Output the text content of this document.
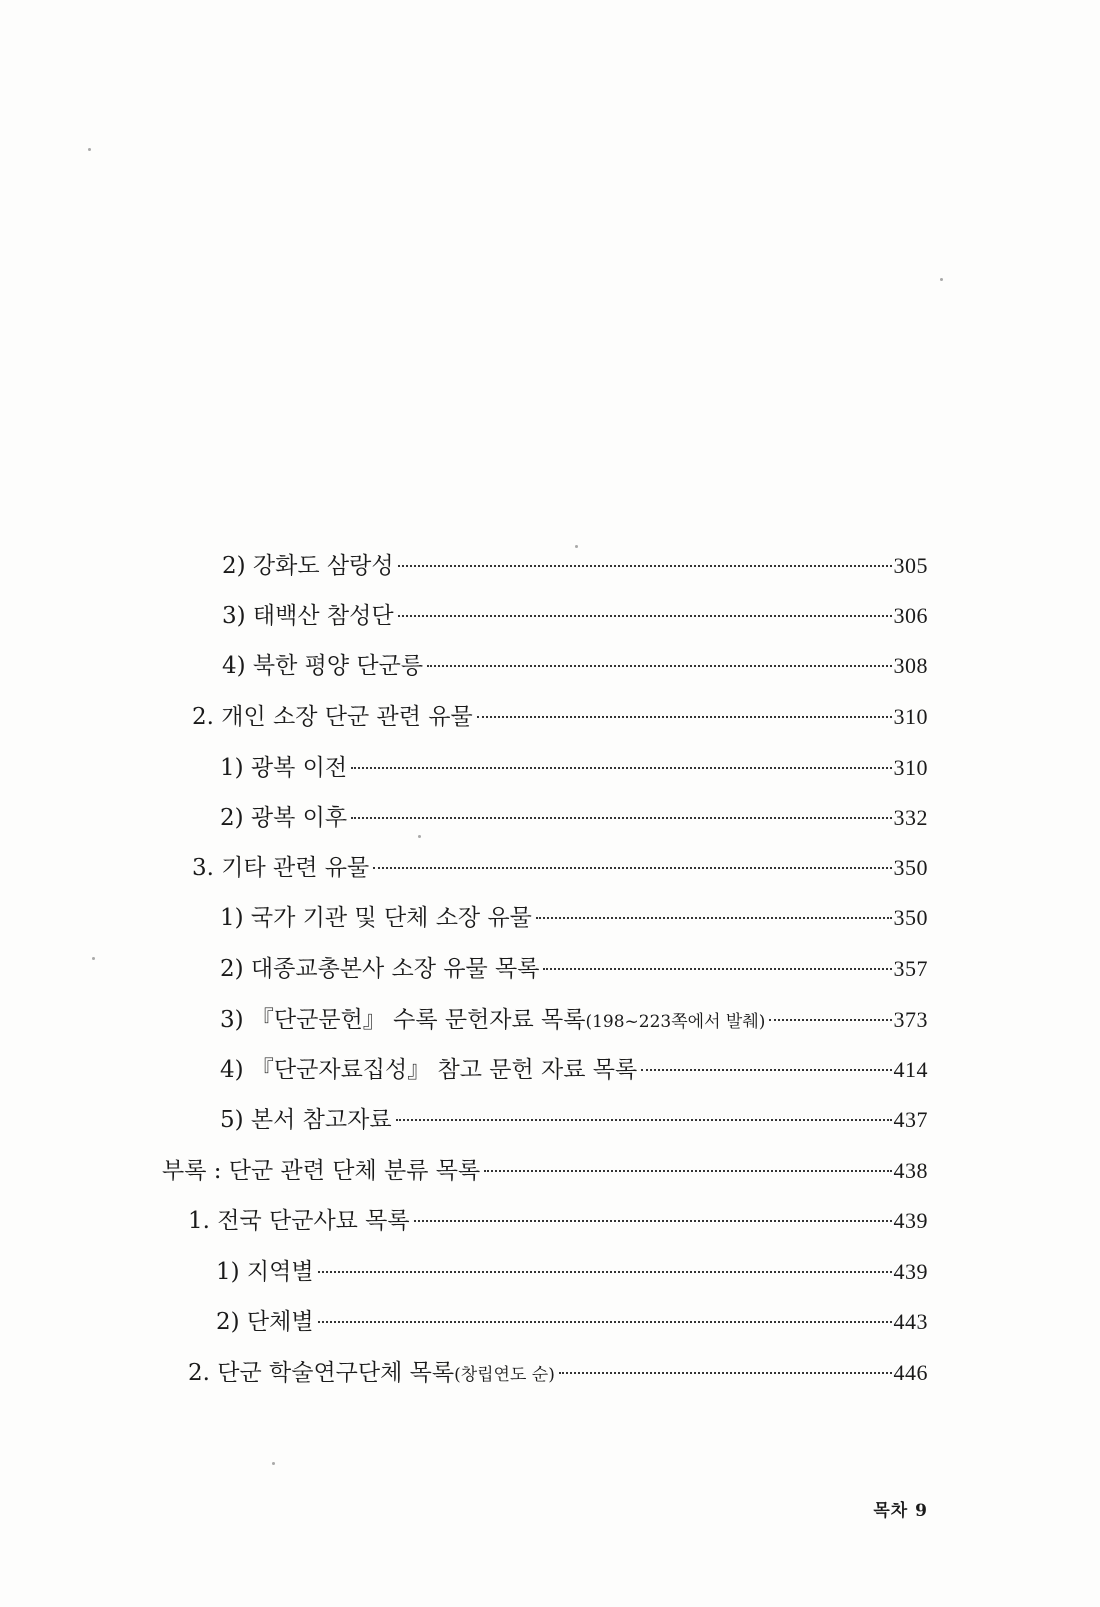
2) 강화도 삼랑성	305
3) 태백산 참성단	306
4) 북한 평양 단군릉	308
2. 개인 소장 단군 관련 유물	310
1) 광복 이전	310
2) 광복 이후	332
3. 기타 관련 유물	350
1) 국가 기관 및 단체 소장 유물	350
2) 대종교총본사 소장 유물 목록	357
3) 『단군문헌』 수록 문헌자료 목록(198~223쪽에서 발췌)	373
4) 『단군자료집성』 참고 문헌 자료 목록	414
5) 본서 참고자료	437
부록 : 단군 관련 단체 분류 목록	438
1. 전국 단군사묘 목록	439
1) 지역별	439
2) 단체별	443
2. 단군 학술연구단체 목록(창립연도 순)	446
목차 9
